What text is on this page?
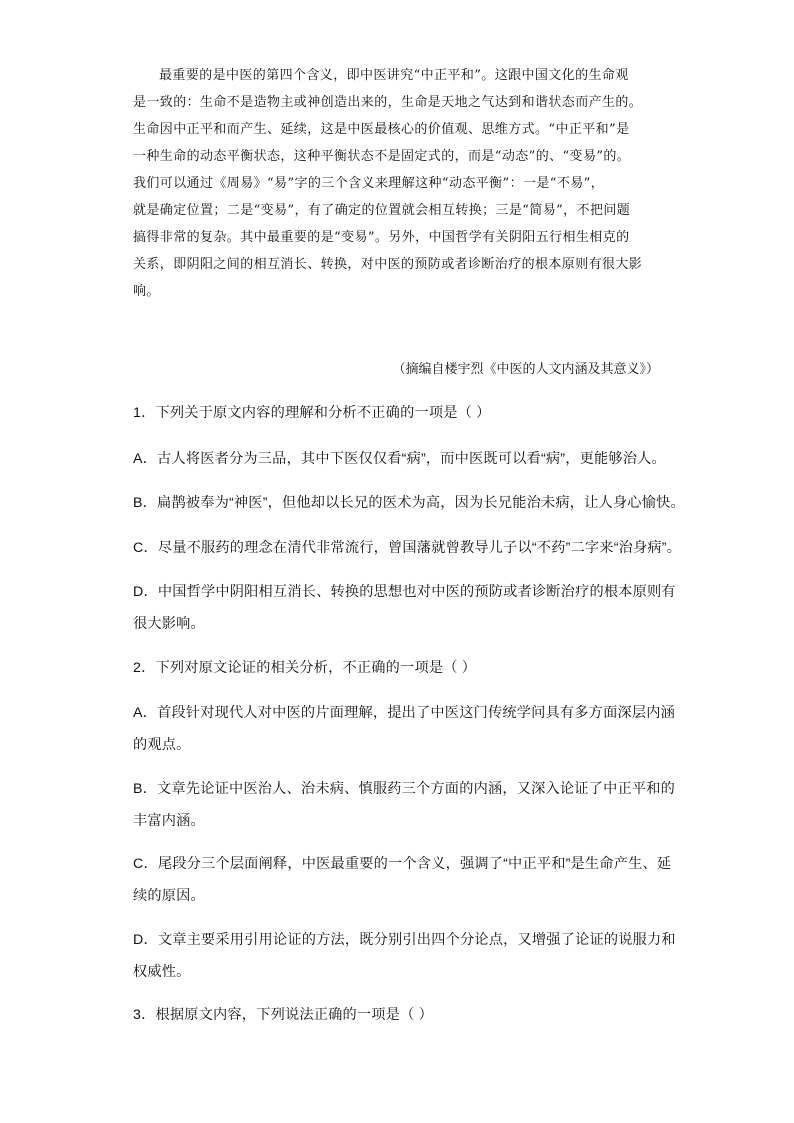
最重要的是中医的第四个含义，即中医讲究“中正平和”。这跟中国文化的生命观
是一致的：生命不是造物主或神创造出来的，生命是天地之气达到和谐状态而产生的。
生命因中正平和而产生、延续，这是中医最核心的价值观、思维方式。“中正平和”是
一种生命的动态平衡状态，这种平衡状态不是固定式的，而是“动态”的、“变易”的。
我们可以通过《周易》“易”字的三个含义来理解这种“动态平衡”：一是“不易”，
就是确定位置；二是“变易”，有了确定的位置就会相互转换；三是“简易”，不把问题
搞得非常的复杂。其中最重要的是“变易”。另外，中国哲学有关阴阳五行相生相克的
关系，即阴阳之间的相互消长、转换，对中医的预防或者诊断治疗的根本原则有很大影
响。
（摘编自楼宇烈《中医的人文内涵及其意义》）
1．下列关于原文内容的理解和分析不正确的一项是（ ）
A．古人将医者分为三品，其中下医仅仅看“病”，而中医既可以看“病”，更能够治人。
B．扁鹊被奉为“神医”，但他却以长兄的医术为高，因为长兄能治未病，让人身心愉快。
C．尽量不服药的理念在清代非常流行，曾国藩就曾教导儿子以“不药”二字来“治身病”。
D．中国哲学中阴阳相互消长、转换的思想也对中医的预防或者诊断治疗的根本原则有
很大影响。
2．下列对原文论证的相关分析，不正确的一项是（ ）
A．首段针对现代人对中医的片面理解，提出了中医这门传统学问具有多方面深层内涵
的观点。
B．文章先论证中医治人、治未病、慎服药三个方面的内涵，又深入论证了中正平和的
丰富内涵。
C．尾段分三个层面阐释，中医最重要的一个含义，强调了“中正平和”是生命产生、延
续的原因。
D．文章主要采用引用论证的方法，既分别引出四个分论点，又增强了论证的说服力和
权威性。
3．根据原文内容，下列说法正确的一项是（ ）
